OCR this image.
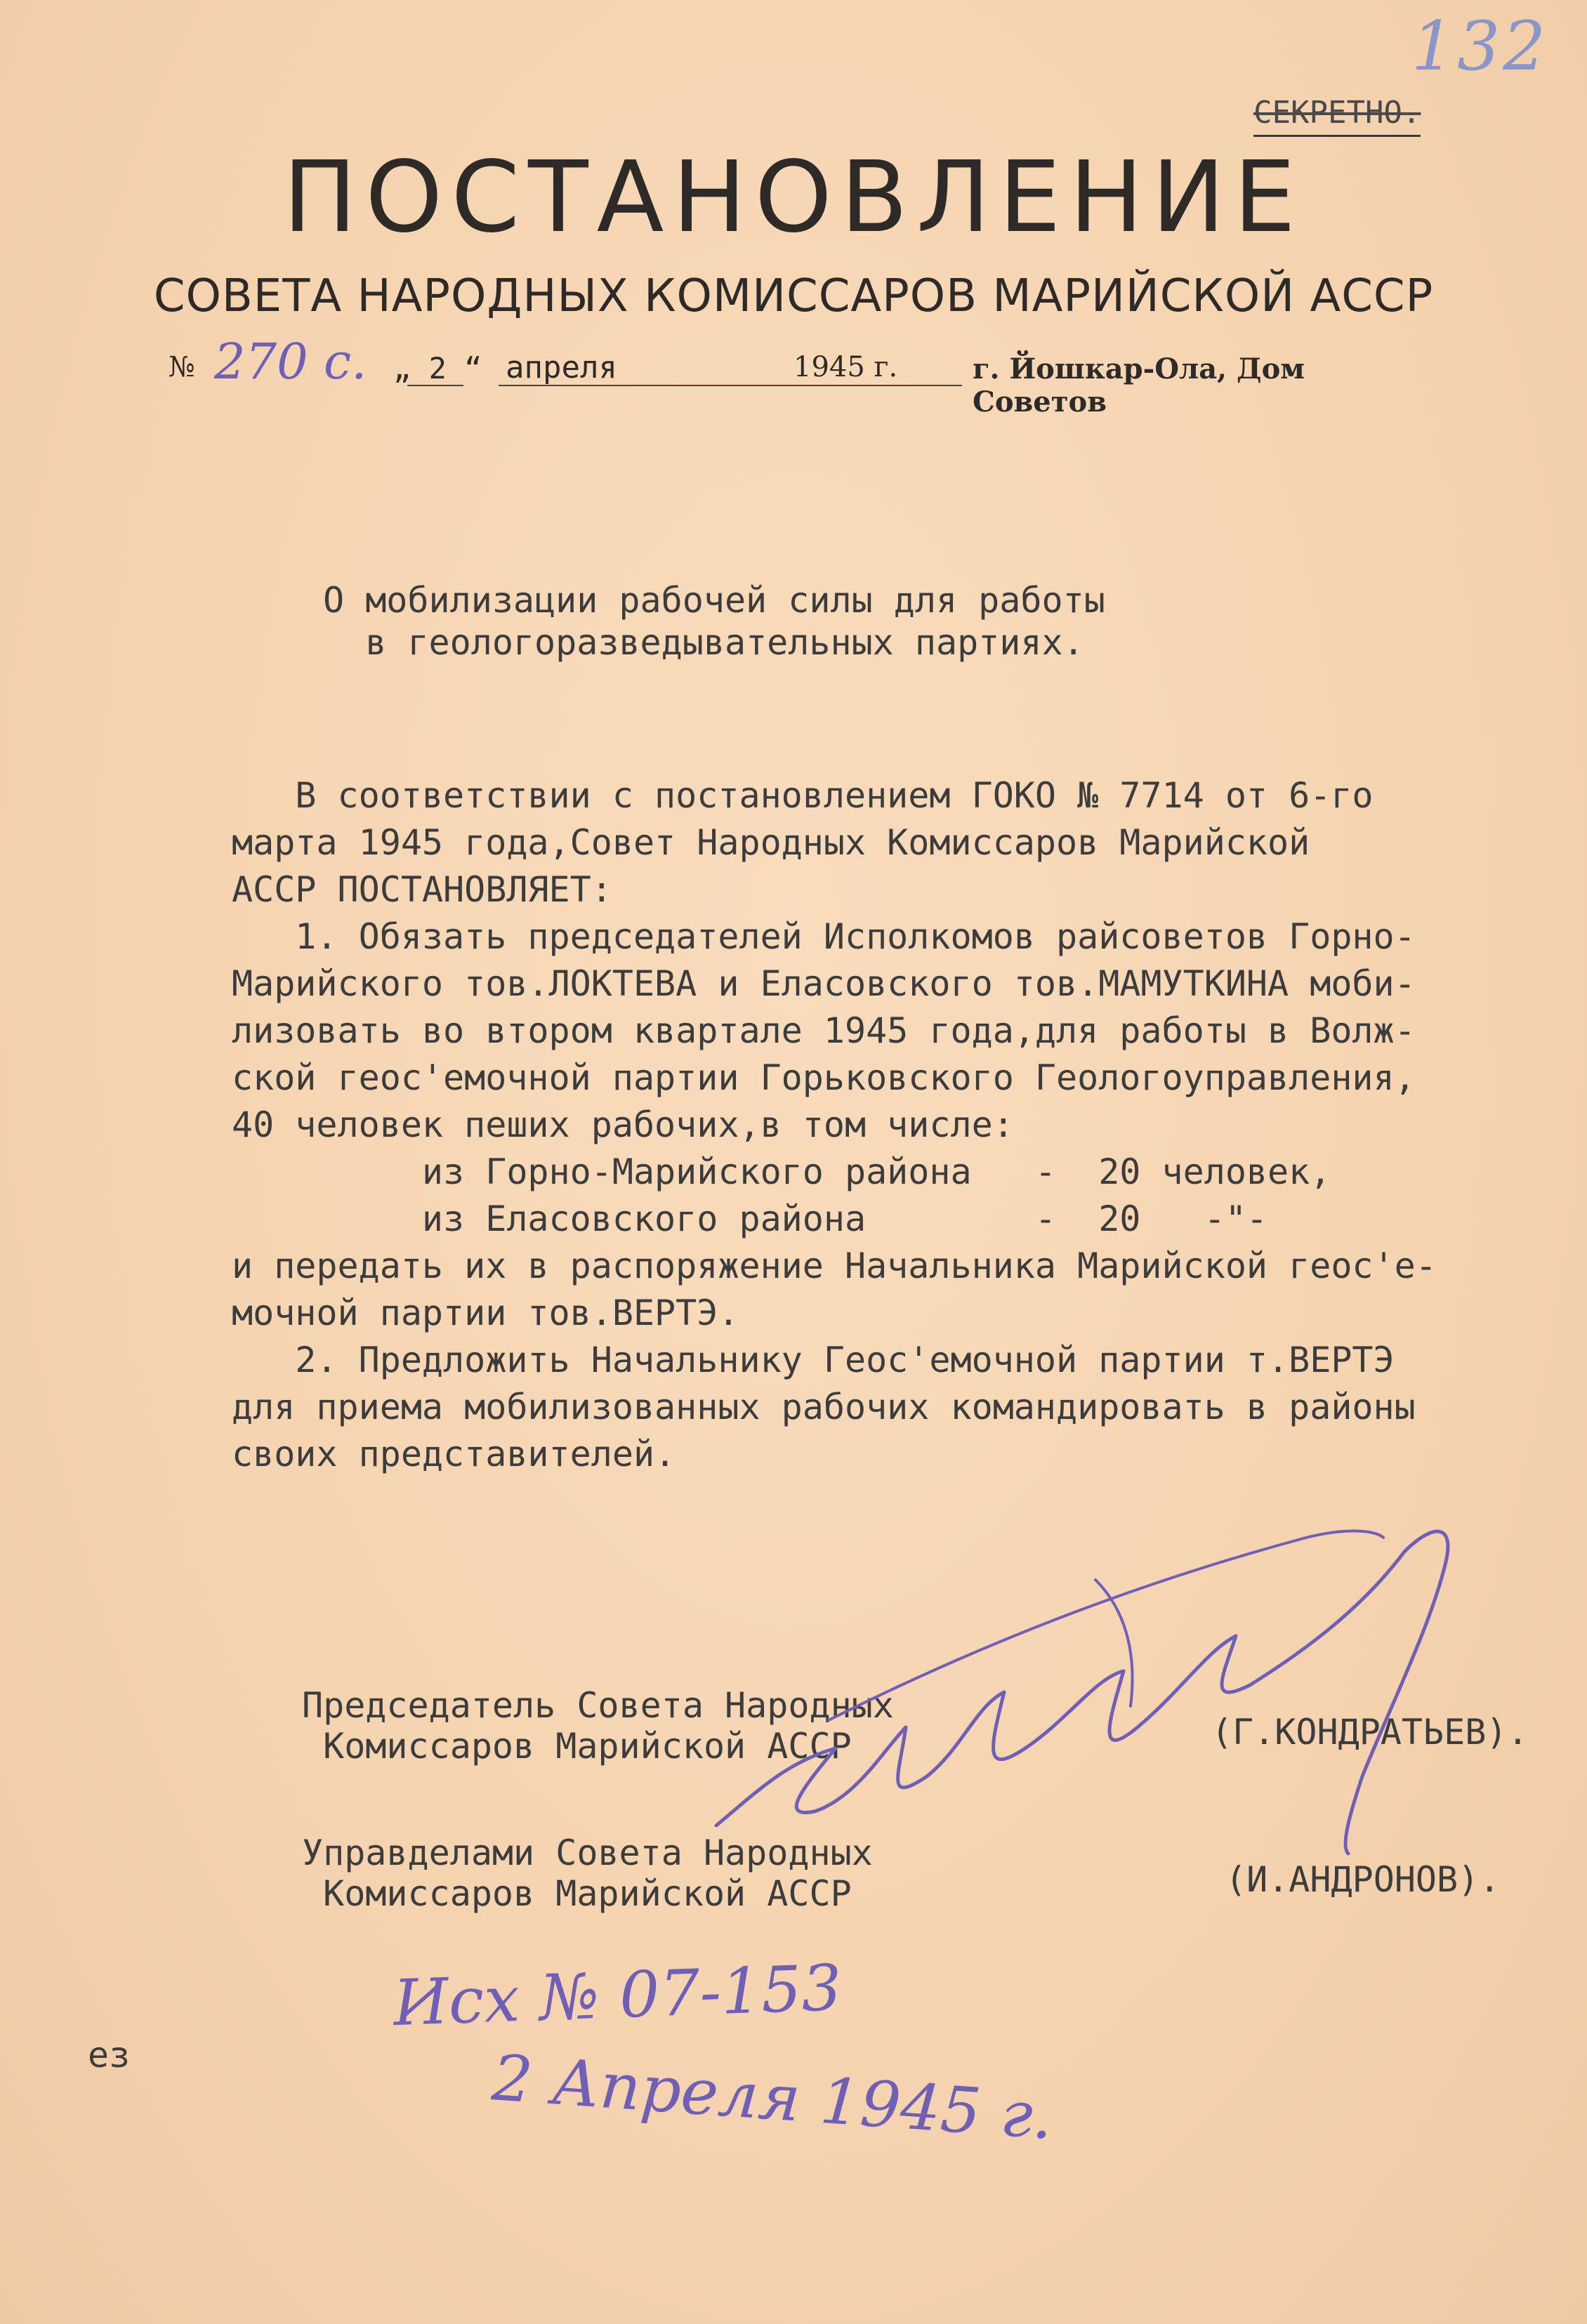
132
СЕКРЕТНО.
ПОСТАНОВЛЕНИЕ
СОВЕТА НАРОДНЫХ КОМИССАРОВ МАРИЙСКОЙ АССР
№ 270 с. „ 2 “ апреля	1945 г.	г. Йошкар-Ола, Дом Советов
О мобилизации рабочей силы для работы
в геологоразведывательных партиях.
В соответствии с постановлением ГОКО № 7714 от 6-го
марта 1945 года,Совет Народных Комиссаров Марийской
АССР ПОСТАНОВЛЯЕТ:
1. Обязать председателей Исполкомов райсоветов Горно-
Марийского тов.ЛОКТЕВА и Еласовского тов.МАМУТКИНА моби-
лизовать во втором квартале 1945 года,для работы в Волж-
ской геос'емочной партии Горьковского Геологоуправления,
40 человек пеших рабочих,в том числе:
из Горно-Марийского района   -  20 человек,
из Еласовского района        -  20   -"-
и передать их в распоряжение Начальника Марийской геос'е-
мочной партии тов.ВЕРТЭ.
2. Предложить Начальнику Геос'емочной партии т.ВЕРТЭ
для приема мобилизованных рабочих командировать в районы
своих представителей.
Председатель Совета Народных
Комиссаров Марийской АССР	(Г.КОНДРАТЬЕВ).
Управделами Совета Народных
Комиссаров Марийской АССР	(И.АНДРОНОВ).
Исх № 07-153
2 Апреля 1945 г.
ез
